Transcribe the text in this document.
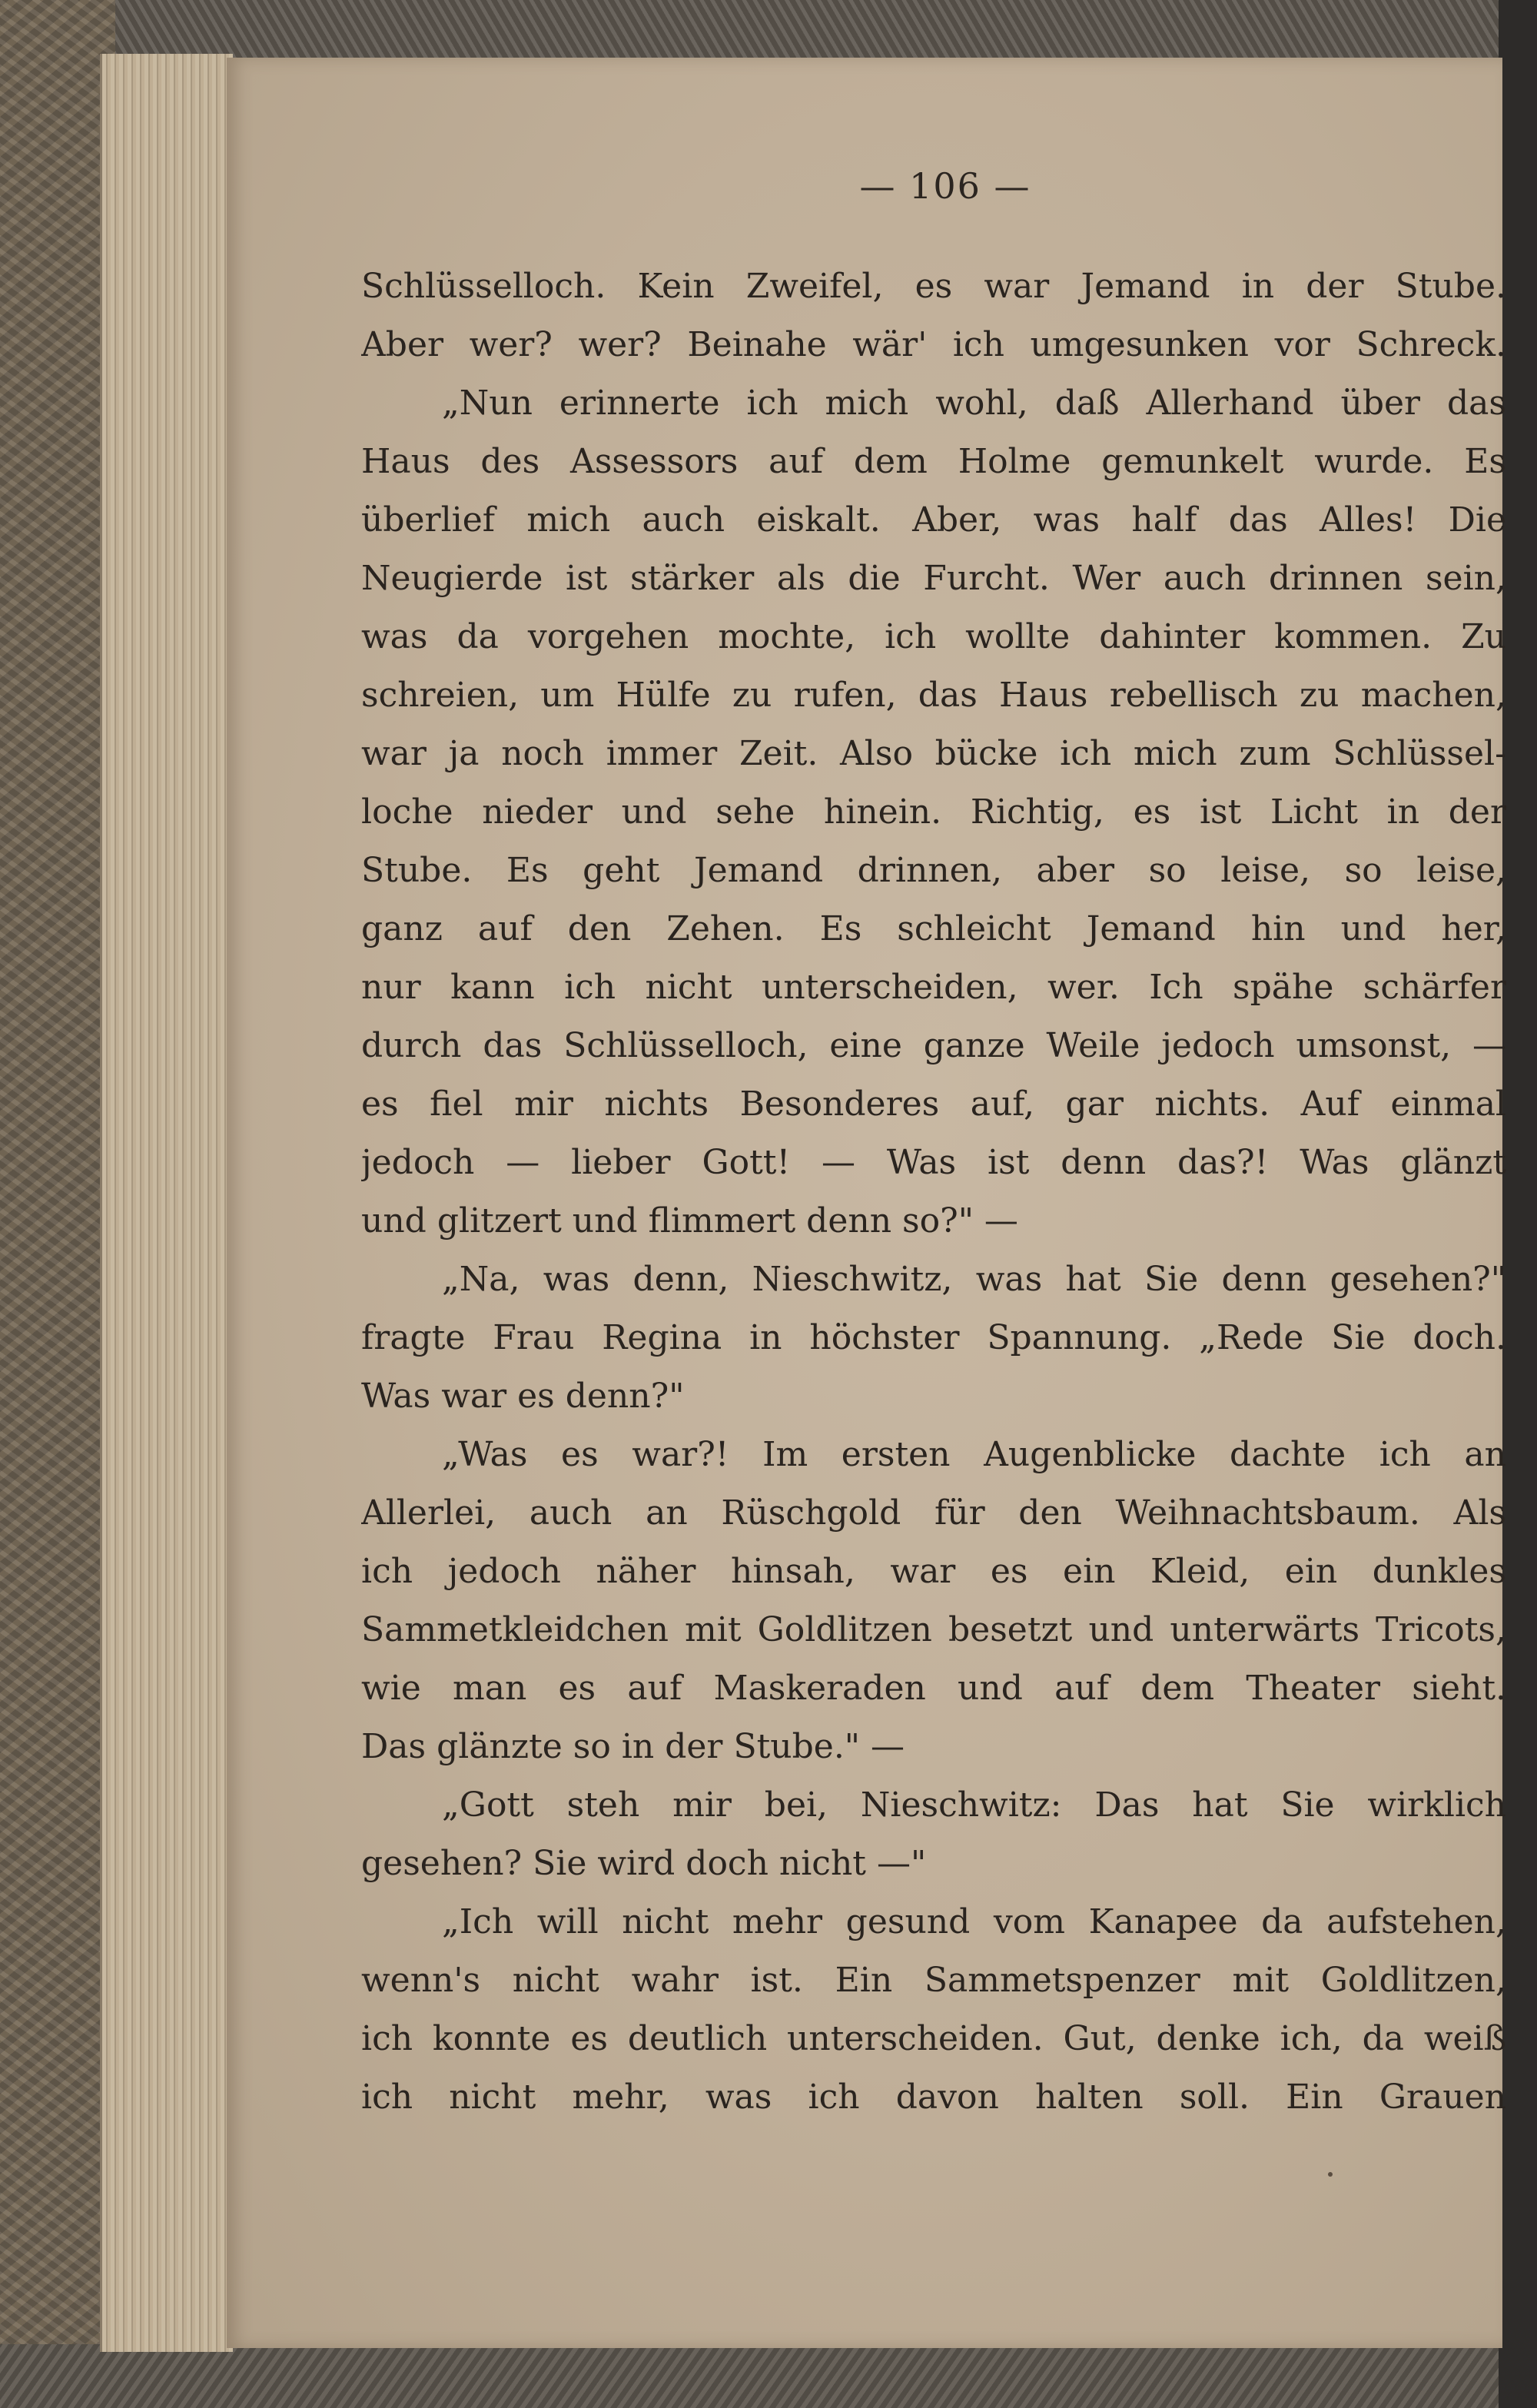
— 106 —
Schlüsselloch. Kein Zweifel, es war Jemand in der Stube.
Aber wer? wer? Beinahe wär' ich umgesunken vor Schreck.
„Nun erinnerte ich mich wohl, daß Allerhand über das
Haus des Assessors auf dem Holme gemunkelt wurde. Es
überlief mich auch eiskalt. Aber, was half das Alles! Die
Neugierde ist stärker als die Furcht. Wer auch drinnen sein,
was da vorgehen mochte, ich wollte dahinter kommen. Zu
schreien, um Hülfe zu rufen, das Haus rebellisch zu machen,
war ja noch immer Zeit. Also bücke ich mich zum Schlüssel-
loche nieder und sehe hinein. Richtig, es ist Licht in der
Stube. Es geht Jemand drinnen, aber so leise, so leise,
ganz auf den Zehen. Es schleicht Jemand hin und her,
nur kann ich nicht unterscheiden, wer. Ich spähe schärfer
durch das Schlüsselloch, eine ganze Weile jedoch umsonst, —
es fiel mir nichts Besonderes auf, gar nichts. Auf einmal
jedoch — lieber Gott! — Was ist denn das?! Was glänzt
und glitzert und flimmert denn so?" —
„Na, was denn, Nieschwitz, was hat Sie denn gesehen?"
fragte Frau Regina in höchster Spannung. „Rede Sie doch.
Was war es denn?"
„Was es war?! Im ersten Augenblicke dachte ich an
Allerlei, auch an Rüschgold für den Weihnachtsbaum. Als
ich jedoch näher hinsah, war es ein Kleid, ein dunkles
Sammetkleidchen mit Goldlitzen besetzt und unterwärts Tricots,
wie man es auf Maskeraden und auf dem Theater sieht.
Das glänzte so in der Stube." —
„Gott steh mir bei, Nieschwitz: Das hat Sie wirklich
gesehen? Sie wird doch nicht —"
„Ich will nicht mehr gesund vom Kanapee da aufstehen,
wenn's nicht wahr ist. Ein Sammetspenzer mit Goldlitzen,
ich konnte es deutlich unterscheiden. Gut, denke ich, da weiß
ich nicht mehr, was ich davon halten soll. Ein Grauen
